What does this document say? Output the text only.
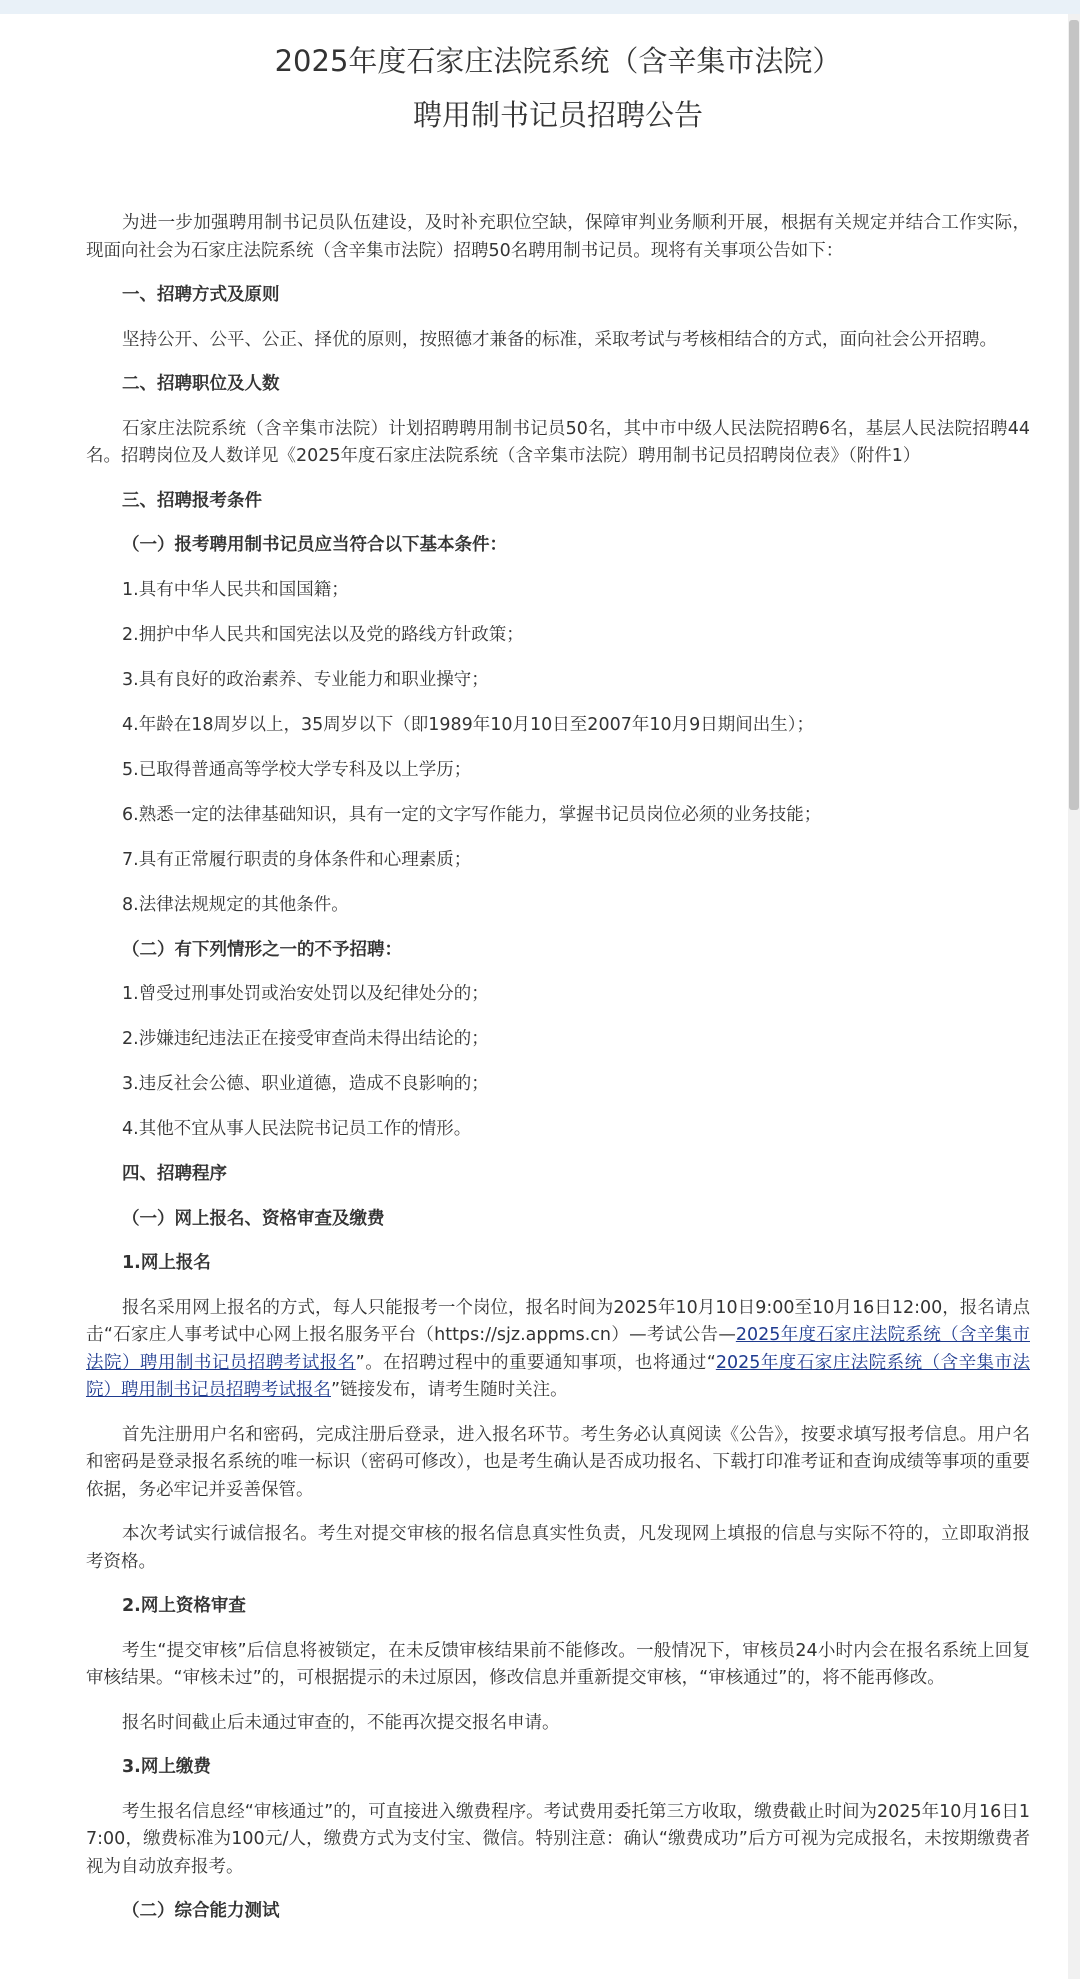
2025年度石家庄法院系统（含辛集市法院）
聘用制书记员招聘公告

为进一步加强聘用制书记员队伍建设，及时补充职位空缺，保障审判业务顺利开展，根据有关规定并结合工作实际，现面向社会为石家庄法院系统（含辛集市法院）招聘50名聘用制书记员。现将有关事项公告如下：

一、招聘方式及原则

坚持公开、公平、公正、择优的原则，按照德才兼备的标准，采取考试与考核相结合的方式，面向社会公开招聘。

二、招聘职位及人数

石家庄法院系统（含辛集市法院）计划招聘聘用制书记员50名，其中市中级人民法院招聘6名，基层人民法院招聘44名。招聘岗位及人数详见《2025年度石家庄法院系统（含辛集市法院）聘用制书记员招聘岗位表》（附件1）

三、招聘报考条件

（一）报考聘用制书记员应当符合以下基本条件：

1.具有中华人民共和国国籍；

2.拥护中华人民共和国宪法以及党的路线方针政策；

3.具有良好的政治素养、专业能力和职业操守；

4.年龄在18周岁以上，35周岁以下（即1989年10月10日至2007年10月9日期间出生）；

5.已取得普通高等学校大学专科及以上学历；

6.熟悉一定的法律基础知识，具有一定的文字写作能力，掌握书记员岗位必须的业务技能；

7.具有正常履行职责的身体条件和心理素质；

8.法律法规规定的其他条件。

（二）有下列情形之一的不予招聘：

1.曾受过刑事处罚或治安处罚以及纪律处分的；

2.涉嫌违纪违法正在接受审查尚未得出结论的；

3.违反社会公德、职业道德，造成不良影响的；

4.其他不宜从事人民法院书记员工作的情形。

四、招聘程序

（一）网上报名、资格审查及缴费

1.网上报名

报名采用网上报名的方式，每人只能报考一个岗位，报名时间为2025年10月10日9:00至10月16日12:00，报名请点击“石家庄人事考试中心网上报名服务平台（https://sjz.appms.cn）—考试公告—2025年度石家庄法院系统（含辛集市法院）聘用制书记员招聘考试报名”。在招聘过程中的重要通知事项，也将通过“2025年度石家庄法院系统（含辛集市法院）聘用制书记员招聘考试报名”链接发布，请考生随时关注。

首先注册用户名和密码，完成注册后登录，进入报名环节。考生务必认真阅读《公告》，按要求填写报考信息。用户名和密码是登录报名系统的唯一标识（密码可修改），也是考生确认是否成功报名、下载打印准考证和查询成绩等事项的重要依据，务必牢记并妥善保管。

本次考试实行诚信报名。考生对提交审核的报名信息真实性负责，凡发现网上填报的信息与实际不符的，立即取消报考资格。

2.网上资格审查

考生“提交审核”后信息将被锁定，在未反馈审核结果前不能修改。一般情况下，审核员24小时内会在报名系统上回复审核结果。“审核未过”的，可根据提示的未过原因，修改信息并重新提交审核，“审核通过”的，将不能再修改。

报名时间截止后未通过审查的，不能再次提交报名申请。

3.网上缴费

考生报名信息经“审核通过”的，可直接进入缴费程序。考试费用委托第三方收取，缴费截止时间为2025年10月16日17:00，缴费标准为100元/人，缴费方式为支付宝、微信。特别注意：确认“缴费成功”后方可视为完成报名，未按期缴费者视为自动放弃报考。

（二）综合能力测试
